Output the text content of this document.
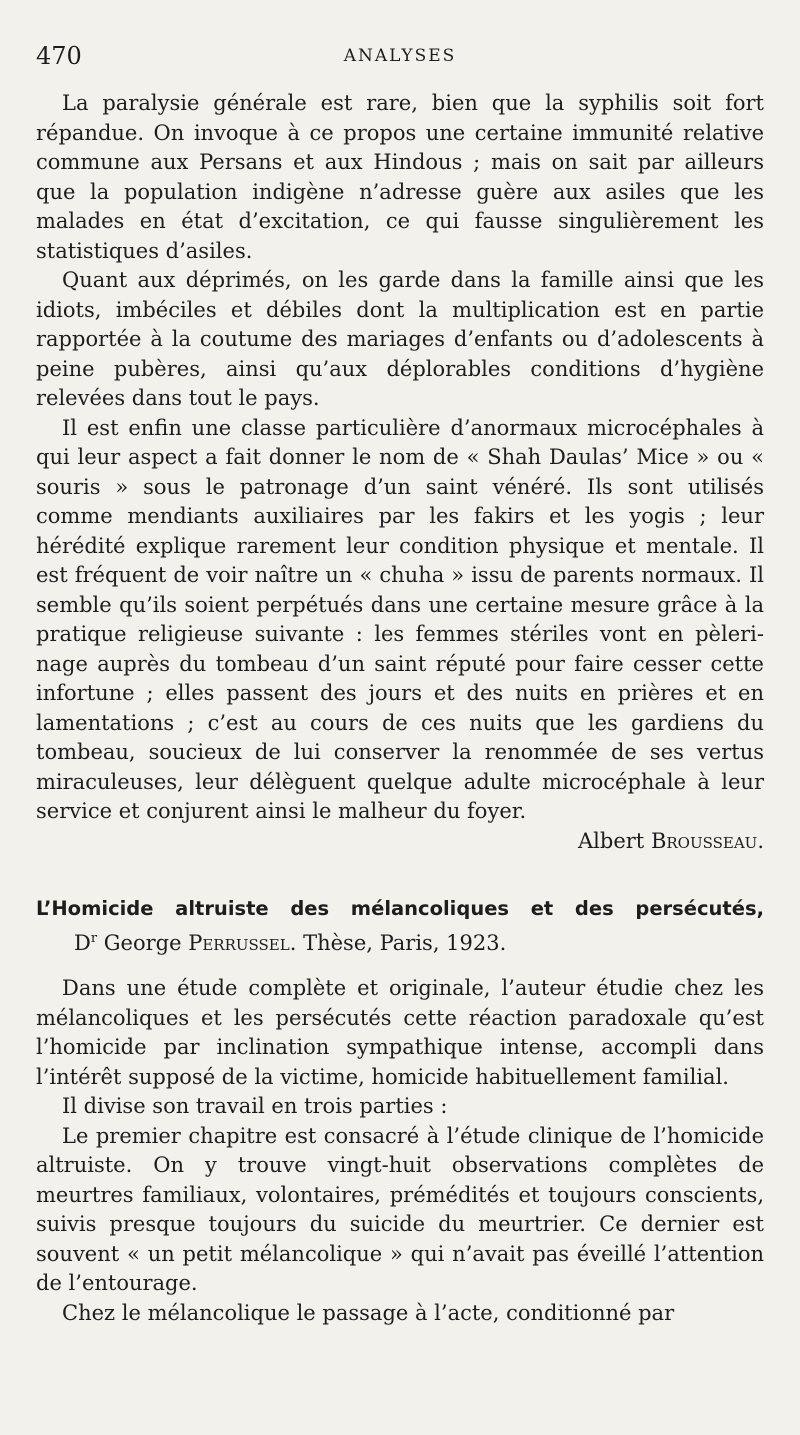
470	ANALYSES

La paralysie générale est rare, bien que la syphilis soit fort répandue. On invoque à ce propos une certaine immunité relative commune aux Persans et aux Hindous ; mais on sait par ailleurs que la population indigène n’adresse guère aux asiles que les malades en état d’excitation, ce qui fausse singulièrement les statistiques d’asiles.

Quant aux déprimés, on les garde dans la famille ainsi que les idiots, imbéciles et débiles dont la multiplication est en partie rapportée à la coutume des mariages d’enfants ou d’adolescents à peine pubères, ainsi qu’aux déplorables conditions d’hygiène relevées dans tout le pays.

Il est enfin une classe particulière d’anormaux microcéphales à qui leur aspect a fait donner le nom de « Shah Daulas’ Mice » ou « souris » sous le patronage d’un saint vénéré. Ils sont utilisés comme mendiants auxiliaires par les fakirs et les yogis ; leur hérédité explique rarement leur condition physique et mentale. Il est fréquent de voir naître un « chuha » issu de parents normaux. Il semble qu’ils soient perpétués dans une certaine mesure grâce à la pratique religieuse suivante : les femmes stériles vont en pèlerinage auprès du tombeau d’un saint réputé pour faire cesser cette infortune ; elles passent des jours et des nuits en prières et en lamentations ; c’est au cours de ces nuits que les gardiens du tombeau, soucieux de lui conserver la renommée de ses vertus miraculeuses, leur délèguent quelque adulte microcéphale à leur service et conjurent ainsi le malheur du foyer.

Albert Brousseau.
L’Homicide altruiste des mélancoliques et des persécutés,
$D^r$ George Perrussel. Thèse, Paris, 1923.

Dans une étude complète et originale, l’auteur étudie chez les mélancoliques et les persécutés cette réaction paradoxale qu’est l’homicide par inclination sympathique intense, accompli dans l’intérêt supposé de la victime, homicide habituellement familial.

Il divise son travail en trois parties :

Le premier chapitre est consacré à l’étude clinique de l’homicide altruiste. On y trouve vingt-huit observations complètes de meurtres familiaux, volontaires, prémédités et toujours conscients, suivis presque toujours du suicide du meurtrier. Ce dernier est souvent « un petit mélancolique » qui n’avait pas éveillé l’attention de l’entourage.

Chez le mélancolique le passage à l’acte, conditionné par
